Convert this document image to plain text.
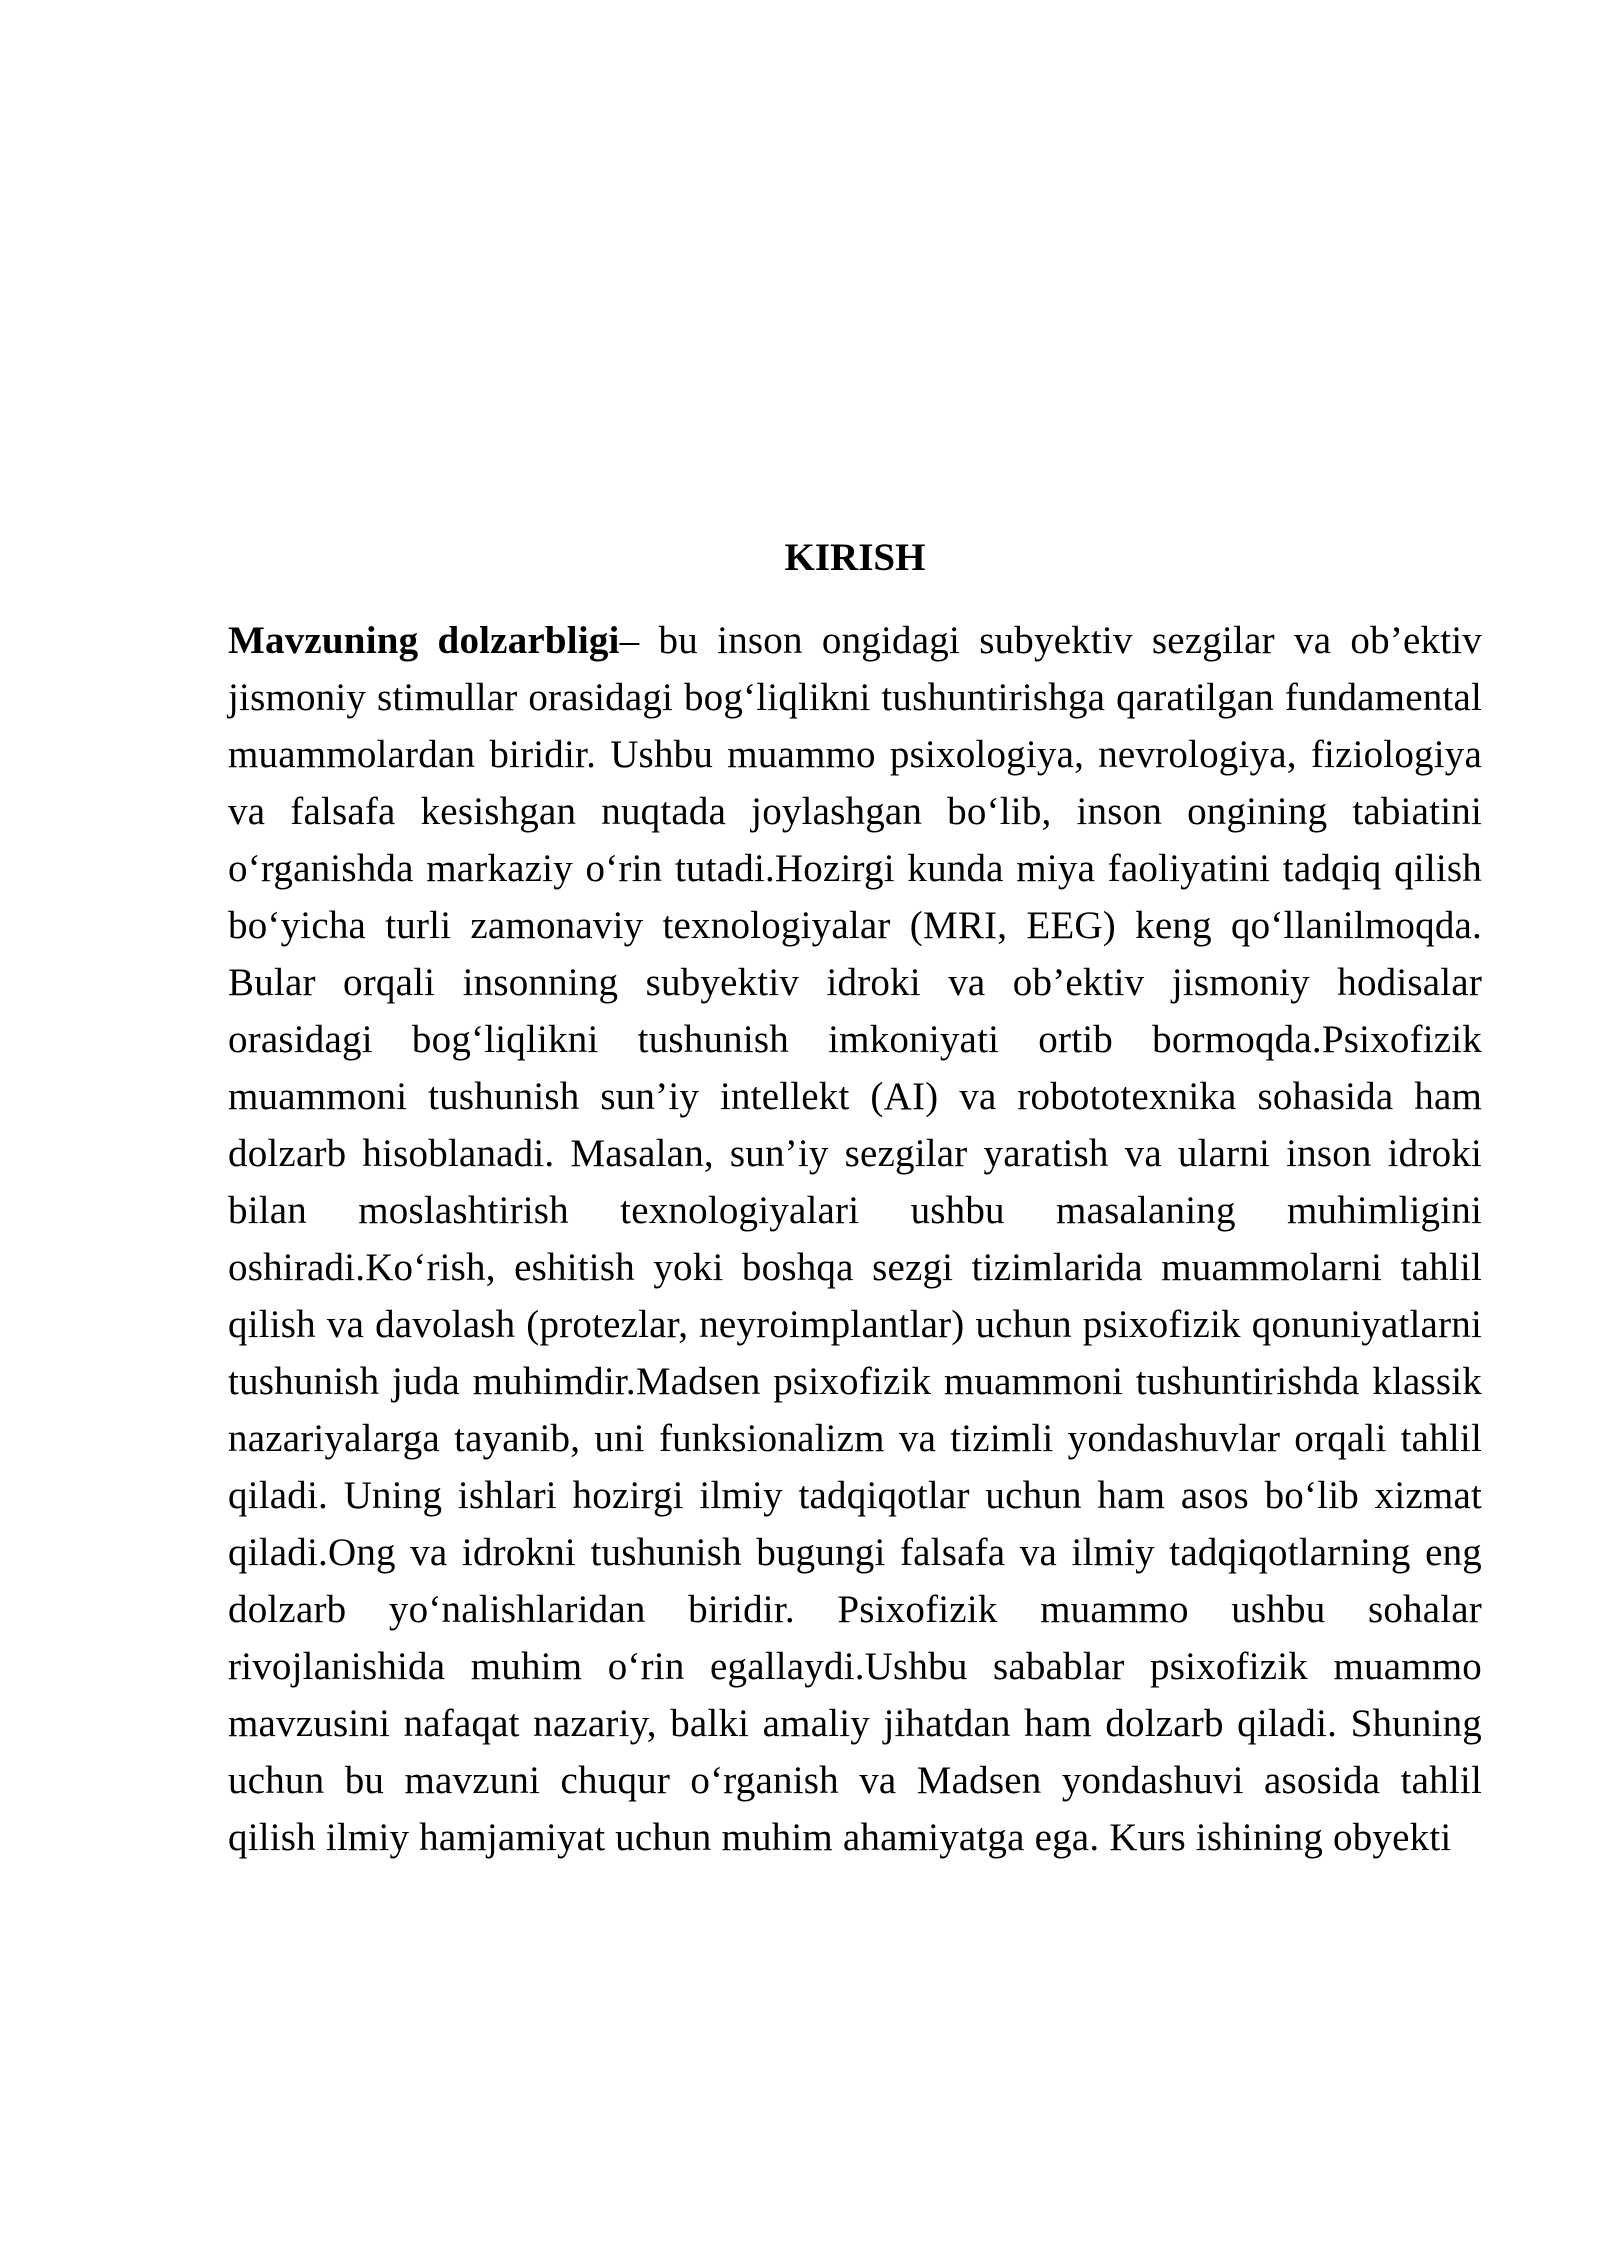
KIRISH

Mavzuning dolzarbligi– bu inson ongidagi subyektiv sezgilar va ob’ektiv jismoniy stimullar orasidagi bog‘liqlikni tushuntirishga qaratilgan fundamental muammolardan biridir. Ushbu muammo psixologiya, nevrologiya, fiziologiya va falsafa kesishgan nuqtada joylashgan bo‘lib, inson ongining tabiatini o‘rganishda markaziy o‘rin tutadi.Hozirgi kunda miya faoliyatini tadqiq qilish bo‘yicha turli zamonaviy texnologiyalar (MRI, EEG) keng qo‘llanilmoqda. Bular orqali insonning subyektiv idroki va ob’ektiv jismoniy hodisalar orasidagi bog‘liqlikni tushunish imkoniyati ortib bormoqda.Psixofizik muammoni tushunish sun’iy intellekt (AI) va robototexnika sohasida ham dolzarb hisoblanadi. Masalan, sun’iy sezgilar yaratish va ularni inson idroki bilan moslashtirish texnologiyalari ushbu masalaning muhimligini oshiradi.Ko‘rish, eshitish yoki boshqa sezgi tizimlarida muammolarni tahlil qilish va davolash (protezlar, neyroimplantlar) uchun psixofizik qonuniyatlarni tushunish juda muhimdir.Madsen psixofizik muammoni tushuntirishda klassik nazariyalarga tayanib, uni funksionalizm va tizimli yondashuvlar orqali tahlil qiladi. Uning ishlari hozirgi ilmiy tadqiqotlar uchun ham asos bo‘lib xizmat qiladi.Ong va idrokni tushunish bugungi falsafa va ilmiy tadqiqotlarning eng dolzarb yo‘nalishlaridan biridir. Psixofizik muammo ushbu sohalar rivojlanishida muhim o‘rin egallaydi.Ushbu sabablar psixofizik muammo mavzusini nafaqat nazariy, balki amaliy jihatdan ham dolzarb qiladi. Shuning uchun bu mavzuni chuqur o‘rganish va Madsen yondashuvi asosida tahlil qilish ilmiy hamjamiyat uchun muhim ahamiyatga ega. Kurs ishining obyekti
